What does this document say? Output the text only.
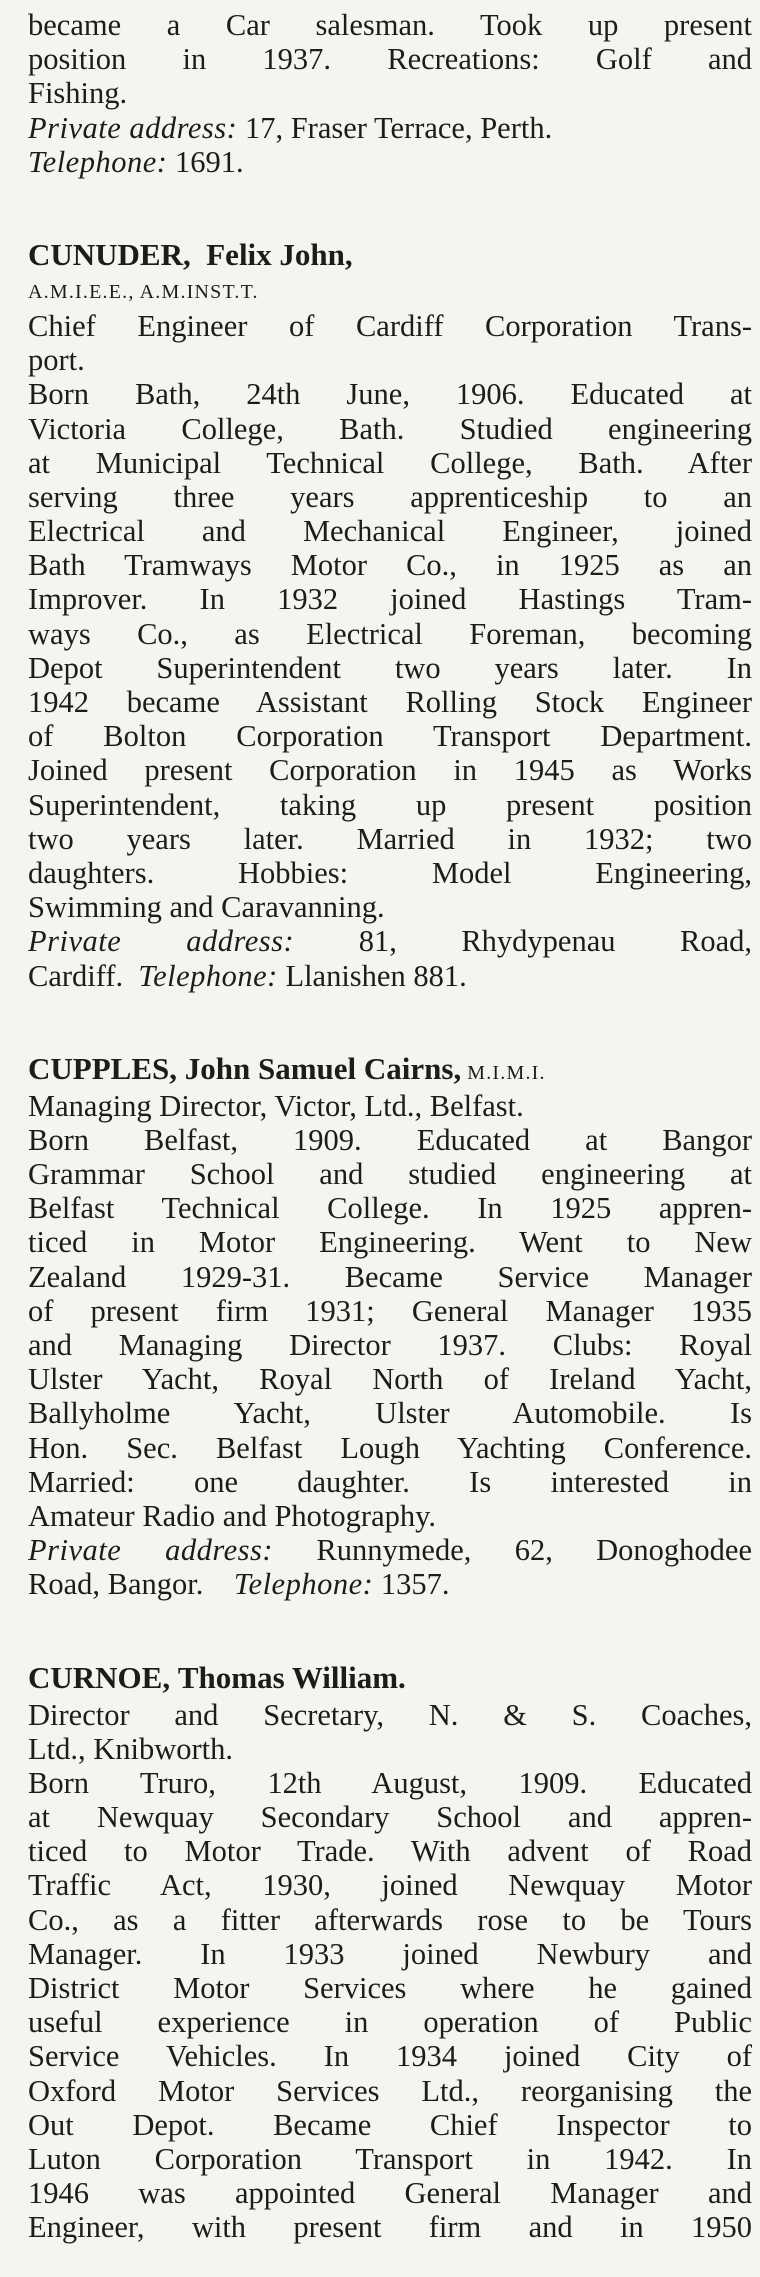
became a Car salesman. Took up present
position in 1937. Recreations: Golf and
Fishing.
Private address: 17, Fraser Terrace, Perth.
Telephone: 1691.
CUNUDER, Felix John,
A.M.I.E.E., A.M.INST.T.
Chief Engineer of Cardiff Corporation Trans-
port.
Born Bath, 24th June, 1906. Educated at
Victoria College, Bath. Studied engineering
at Municipal Technical College, Bath. After
serving three years apprenticeship to an
Electrical and Mechanical Engineer, joined
Bath Tramways Motor Co., in 1925 as an
Improver. In 1932 joined Hastings Tram-
ways Co., as Electrical Foreman, becoming
Depot Superintendent two years later. In
1942 became Assistant Rolling Stock Engineer
of Bolton Corporation Transport Department.
Joined present Corporation in 1945 as Works
Superintendent, taking up present position
two years later. Married in 1932; two
daughters. Hobbies: Model Engineering,
Swimming and Caravanning.
Private address: 81, Rhydypenau Road,
Cardiff. Telephone: Llanishen 881.
CUPPLES, John Samuel Cairns, M.I.M.I.
Managing Director, Victor, Ltd., Belfast.
Born Belfast, 1909. Educated at Bangor
Grammar School and studied engineering at
Belfast Technical College. In 1925 appren-
ticed in Motor Engineering. Went to New
Zealand 1929-31. Became Service Manager
of present firm 1931; General Manager 1935
and Managing Director 1937. Clubs: Royal
Ulster Yacht, Royal North of Ireland Yacht,
Ballyholme Yacht, Ulster Automobile. Is
Hon. Sec. Belfast Lough Yachting Conference.
Married: one daughter. Is interested in
Amateur Radio and Photography.
Private address: Runnymede, 62, Donoghodee
Road, Bangor. Telephone: 1357.
CURNOE, Thomas William.
Director and Secretary, N. & S. Coaches,
Ltd., Knibworth.
Born Truro, 12th August, 1909. Educated
at Newquay Secondary School and appren-
ticed to Motor Trade. With advent of Road
Traffic Act, 1930, joined Newquay Motor
Co., as a fitter afterwards rose to be Tours
Manager. In 1933 joined Newbury and
District Motor Services where he gained
useful experience in operation of Public
Service Vehicles. In 1934 joined City of
Oxford Motor Services Ltd., reorganising the
Out Depot. Became Chief Inspector to
Luton Corporation Transport in 1942. In
1946 was appointed General Manager and
Engineer, with present firm and in 1950
